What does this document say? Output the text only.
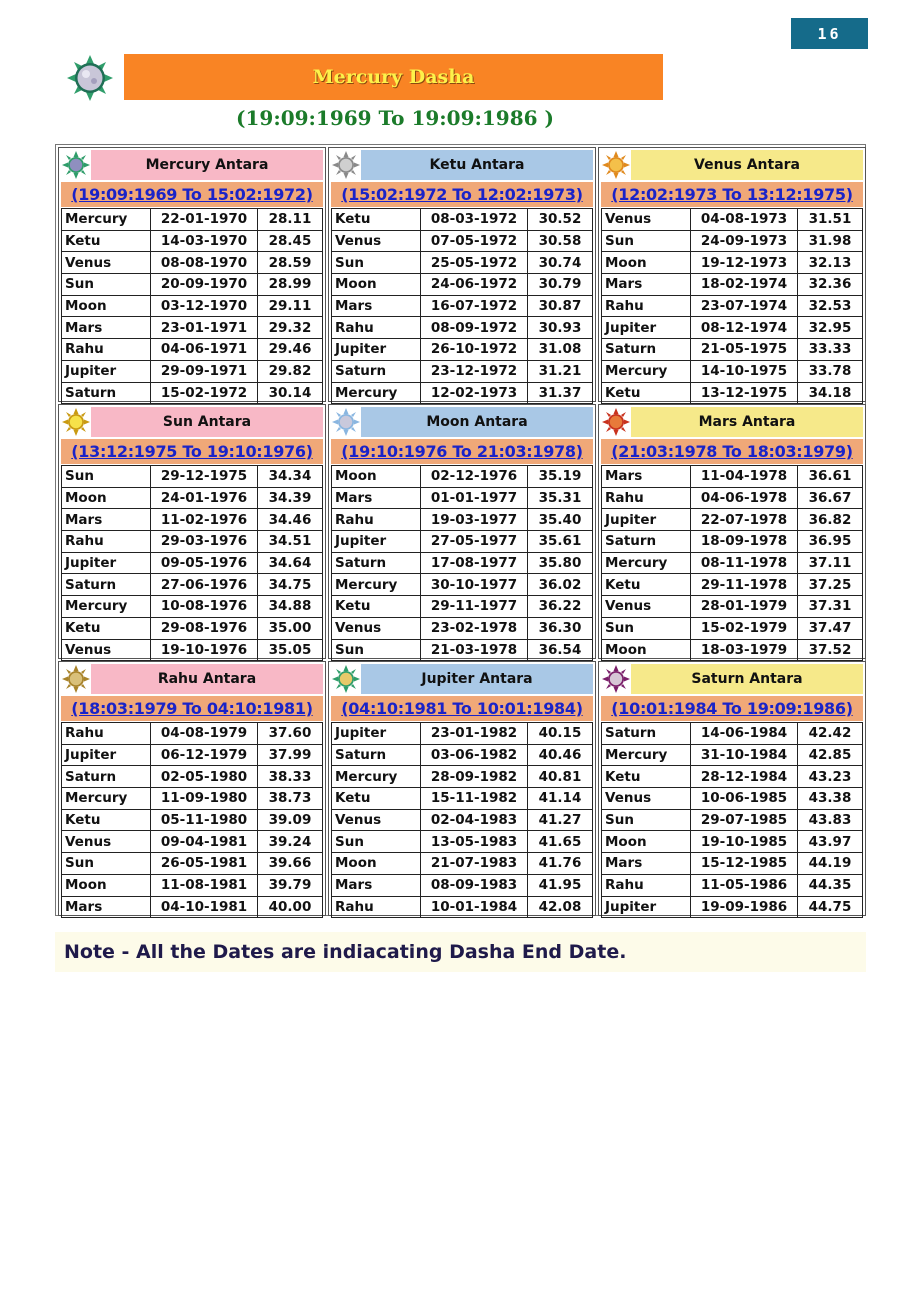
16
Mercury Dasha
(19:09:1969 To 19:09:1986 )
Mercury Antara
(19:09:1969 To 15:02:1972)
Mercury	22-01-1970	28.11
Ketu	14-03-1970	28.45
Venus	08-08-1970	28.59
Sun	20-09-1970	28.99
Moon	03-12-1970	29.11
Mars	23-01-1971	29.32
Rahu	04-06-1971	29.46
Jupiter	29-09-1971	29.82
Saturn	15-02-1972	30.14
Ketu Antara
(15:02:1972 To 12:02:1973)
Ketu	08-03-1972	30.52
Venus	07-05-1972	30.58
Sun	25-05-1972	30.74
Moon	24-06-1972	30.79
Mars	16-07-1972	30.87
Rahu	08-09-1972	30.93
Jupiter	26-10-1972	31.08
Saturn	23-12-1972	31.21
Mercury	12-02-1973	31.37
Venus Antara
(12:02:1973 To 13:12:1975)
Venus	04-08-1973	31.51
Sun	24-09-1973	31.98
Moon	19-12-1973	32.13
Mars	18-02-1974	32.36
Rahu	23-07-1974	32.53
Jupiter	08-12-1974	32.95
Saturn	21-05-1975	33.33
Mercury	14-10-1975	33.78
Ketu	13-12-1975	34.18
Sun Antara
(13:12:1975 To 19:10:1976)
Sun	29-12-1975	34.34
Moon	24-01-1976	34.39
Mars	11-02-1976	34.46
Rahu	29-03-1976	34.51
Jupiter	09-05-1976	34.64
Saturn	27-06-1976	34.75
Mercury	10-08-1976	34.88
Ketu	29-08-1976	35.00
Venus	19-10-1976	35.05
Moon Antara
(19:10:1976 To 21:03:1978)
Moon	02-12-1976	35.19
Mars	01-01-1977	35.31
Rahu	19-03-1977	35.40
Jupiter	27-05-1977	35.61
Saturn	17-08-1977	35.80
Mercury	30-10-1977	36.02
Ketu	29-11-1977	36.22
Venus	23-02-1978	36.30
Sun	21-03-1978	36.54
Mars Antara
(21:03:1978 To 18:03:1979)
Mars	11-04-1978	36.61
Rahu	04-06-1978	36.67
Jupiter	22-07-1978	36.82
Saturn	18-09-1978	36.95
Mercury	08-11-1978	37.11
Ketu	29-11-1978	37.25
Venus	28-01-1979	37.31
Sun	15-02-1979	37.47
Moon	18-03-1979	37.52
Rahu Antara
(18:03:1979 To 04:10:1981)
Rahu	04-08-1979	37.60
Jupiter	06-12-1979	37.99
Saturn	02-05-1980	38.33
Mercury	11-09-1980	38.73
Ketu	05-11-1980	39.09
Venus	09-04-1981	39.24
Sun	26-05-1981	39.66
Moon	11-08-1981	39.79
Mars	04-10-1981	40.00
Jupiter Antara
(04:10:1981 To 10:01:1984)
Jupiter	23-01-1982	40.15
Saturn	03-06-1982	40.46
Mercury	28-09-1982	40.81
Ketu	15-11-1982	41.14
Venus	02-04-1983	41.27
Sun	13-05-1983	41.65
Moon	21-07-1983	41.76
Mars	08-09-1983	41.95
Rahu	10-01-1984	42.08
Saturn Antara
(10:01:1984 To 19:09:1986)
Saturn	14-06-1984	42.42
Mercury	31-10-1984	42.85
Ketu	28-12-1984	43.23
Venus	10-06-1985	43.38
Sun	29-07-1985	43.83
Moon	19-10-1985	43.97
Mars	15-12-1985	44.19
Rahu	11-05-1986	44.35
Jupiter	19-09-1986	44.75
Note - All the Dates are indiacating Dasha End Date.
